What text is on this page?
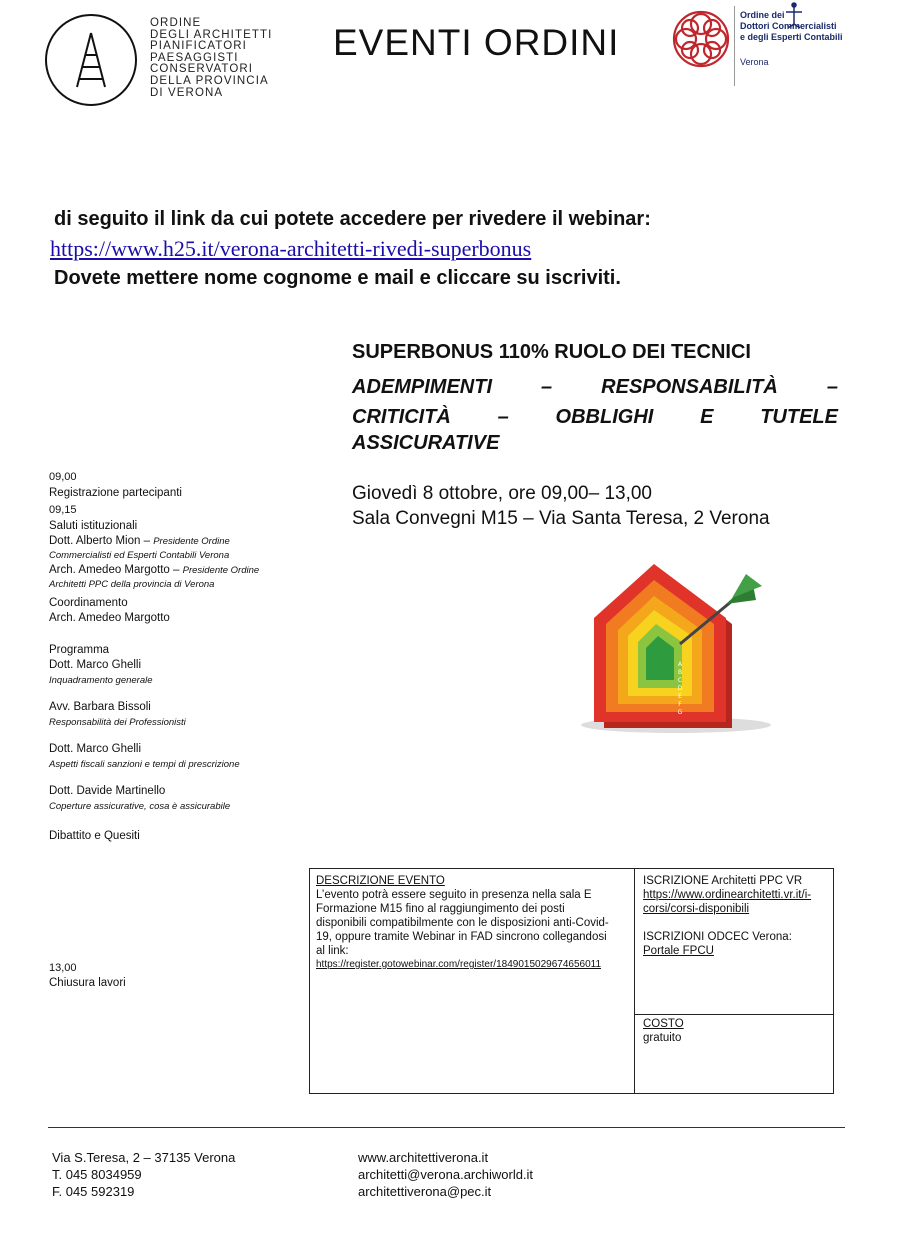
A
ORDINE
DEGLI ARCHITETTI
PIANIFICATORI
PAESAGGISTI
CONSERVATORI
DELLA PROVINCIA
DI VERONA
EVENTI ORDINI
Ordine dei
Dottori Commercialisti
e degli Esperti Contabili
Verona
di seguito il link da cui potete accedere per rivedere il webinar:
https://www.h25.it/verona-architetti-rivedi-superbonus
Dovete mettere nome cognome e mail e cliccare su iscriviti.
SUPERBONUS 110% RUOLO DEI TECNICI
ADEMPIMENTI – RESPONSABILITÀ –
CRITICITÀ – OBBLIGHI E TUTELE
ASSICURATIVE
Giovedì 8 ottobre, ore 09,00– 13,00
Sala Convegni M15 – Via Santa Teresa, 2 Verona
A
B
C
D
E
F
G
09,00
Registrazione partecipanti
09,15
Saluti istituzionali
Dott. Alberto Mion – Presidente Ordine
Commercialisti ed Esperti Contabili Verona
Arch. Amedeo Margotto – Presidente Ordine
Architetti PPC della provincia di Verona
Coordinamento
Arch. Amedeo Margotto
Programma
Dott. Marco Ghelli
Inquadramento generale
Avv. Barbara Bissoli
Responsabilità dei Professionisti
Dott. Marco Ghelli
Aspetti fiscali sanzioni e tempi di prescrizione
Dott. Davide Martinello
Coperture assicurative, cosa è assicurabile
Dibattito e Quesiti
13,00
Chiusura lavori
DESCRIZIONE EVENTO
L’evento potrà essere seguito in presenza nella sala E
Formazione M15 fino al raggiungimento dei posti
disponibili compatibilmente con le disposizioni anti-Covid-
19, oppure tramite Webinar in FAD sincrono collegandosi
al link:
https://register.gotowebinar.com/register/1849015029674656011
ISCRIZIONE Architetti PPC VR
https://www.ordinearchitetti.vr.it/i-
corsi/corsi-disponibili
ISCRIZIONI ODCEC Verona:
Portale FPCU
COSTO
gratuito
Via S.Teresa, 2 – 37135 Verona
T. 045 8034959
F. 045 592319
www.architettiverona.it
architetti@verona.archiworld.it
architettiverona@pec.it
